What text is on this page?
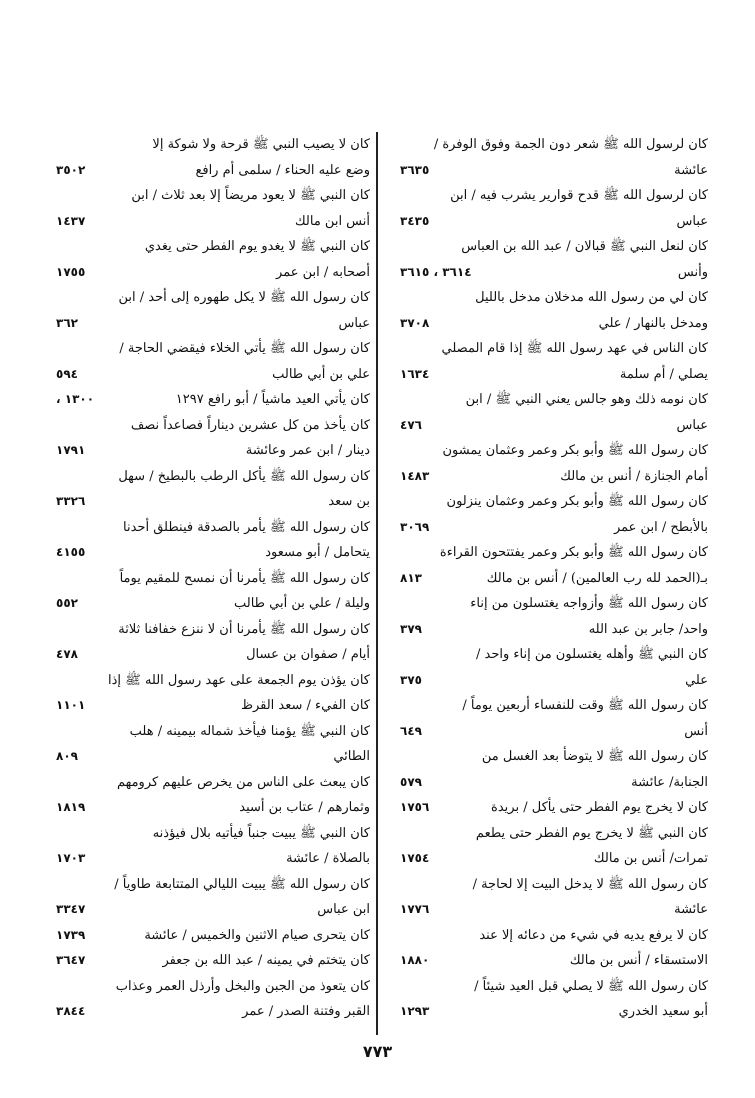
كان لرسول الله ﷺ شعر دون الجمة وفوق الوفرة /
عائشة
٣٦٣٥
كان لرسول الله ﷺ قدح قوارير يشرب فيه / ابن
عباس
٣٤٣٥
كان لنعل النبي ﷺ قبالان / عبد الله بن العباس
وأنس
٣٦١٤ ، ٣٦١٥
كان لي من رسول الله مدخلان مدخل بالليل
ومدخل بالنهار / علي
٣٧٠٨
كان الناس في عهد رسول الله ﷺ إذا قام المصلي
يصلي / أم سلمة
١٦٣٤
كان نومه ذلك وهو جالس يعني النبي ﷺ / ابن
عباس
٤٧٦
كان رسول الله ﷺ وأبو بكر وعمر وعثمان يمشون
أمام الجنازة / أنس بن مالك
١٤٨٣
كان رسول الله ﷺ وأبو بكر وعمر وعثمان ينزلون
بالأبطح / ابن عمر
٣٠٦٩
كان رسول الله ﷺ وأبو بكر وعمر يفتتحون القراءة
بـ(الحمد لله رب العالمين) / أنس بن مالك
٨١٣
كان رسول الله ﷺ وأزواجه يغتسلون من إناء
واحد/ جابر بن عبد الله
٣٧٩
كان النبي ﷺ وأهله يغتسلون من إناء واحد /
علي
٣٧٥
كان رسول الله ﷺ وقت للنفساء أربعين يوماً /
أنس
٦٤٩
كان رسول الله ﷺ لا يتوضأ بعد الغسل من
الجنابة/ عائشة
٥٧٩
كان لا يخرج يوم الفطر حتى يأكل / بريدة
١٧٥٦
كان النبي ﷺ لا يخرج يوم الفطر حتى يطعم
تمرات/ أنس بن مالك
١٧٥٤
كان رسول الله ﷺ لا يدخل البيت إلا لحاجة /
عائشة
١٧٧٦
كان لا يرفع يديه في شيء من دعائه إلا عند
الاستسقاء / أنس بن مالك
١٨٨٠
كان رسول الله ﷺ لا يصلي قبل العيد شيئاً /
أبو سعيد الخدري
١٢٩٣
كان لا يصيب النبي ﷺ قرحة ولا شوكة إلا
وضع عليه الحناء / سلمى أم رافع
٣٥٠٢
كان النبي ﷺ لا يعود مريضاً إلا بعد ثلاث / ابن
أنس ابن مالك
١٤٣٧
كان النبي ﷺ لا يغدو يوم الفطر حتى يغدي
أصحابه / ابن عمر
١٧٥٥
كان رسول الله ﷺ لا يكل طهوره إلى أحد / ابن
عباس
٣٦٢
كان رسول الله ﷺ يأتي الخلاء فيقضي الحاجة /
علي بن أبي طالب
٥٩٤
كان يأتي العيد ماشياً / أبو رافع ١٢٩٧
١٣٠٠ ،
كان يأخذ من كل عشرين ديناراً فصاعداً نصف
دينار / ابن عمر وعائشة
١٧٩١
كان رسول الله ﷺ يأكل الرطب بالبطيخ / سهل
بن سعد
٣٣٢٦
كان رسول الله ﷺ يأمر بالصدقة فينطلق أحدنا
يتحامل / أبو مسعود
٤١٥٥
كان رسول الله ﷺ يأمرنا أن نمسح للمقيم يوماً
وليلة / علي بن أبي طالب
٥٥٢
كان رسول الله ﷺ يأمرنا أن لا ننزع خفافنا ثلاثة
أيام / صفوان بن عسال
٤٧٨
كان يؤذن يوم الجمعة على عهد رسول الله ﷺ إذا
كان الفيء / سعد القرظ
١١٠١
كان النبي ﷺ يؤمنا فيأخذ شماله بيمينه / هلب
الطائي
٨٠٩
كان يبعث على الناس من يخرص عليهم كرومهم
وثمارهم / عتاب بن أسيد
١٨١٩
كان النبي ﷺ يبيت جنباً فيأتيه بلال فيؤذنه
بالصلاة / عائشة
١٧٠٣
كان رسول الله ﷺ يبيت الليالي المتتابعة طاوياً /
ابن عباس
٣٣٤٧
كان يتحرى صيام الاثنين والخميس / عائشة
١٧٣٩
كان يتختم في يمينه / عبد الله بن جعفر
٣٦٤٧
كان يتعوذ من الجبن والبخل وأرذل العمر وعذاب
القبر وفتنة الصدر / عمر
٣٨٤٤
٧٧٣
